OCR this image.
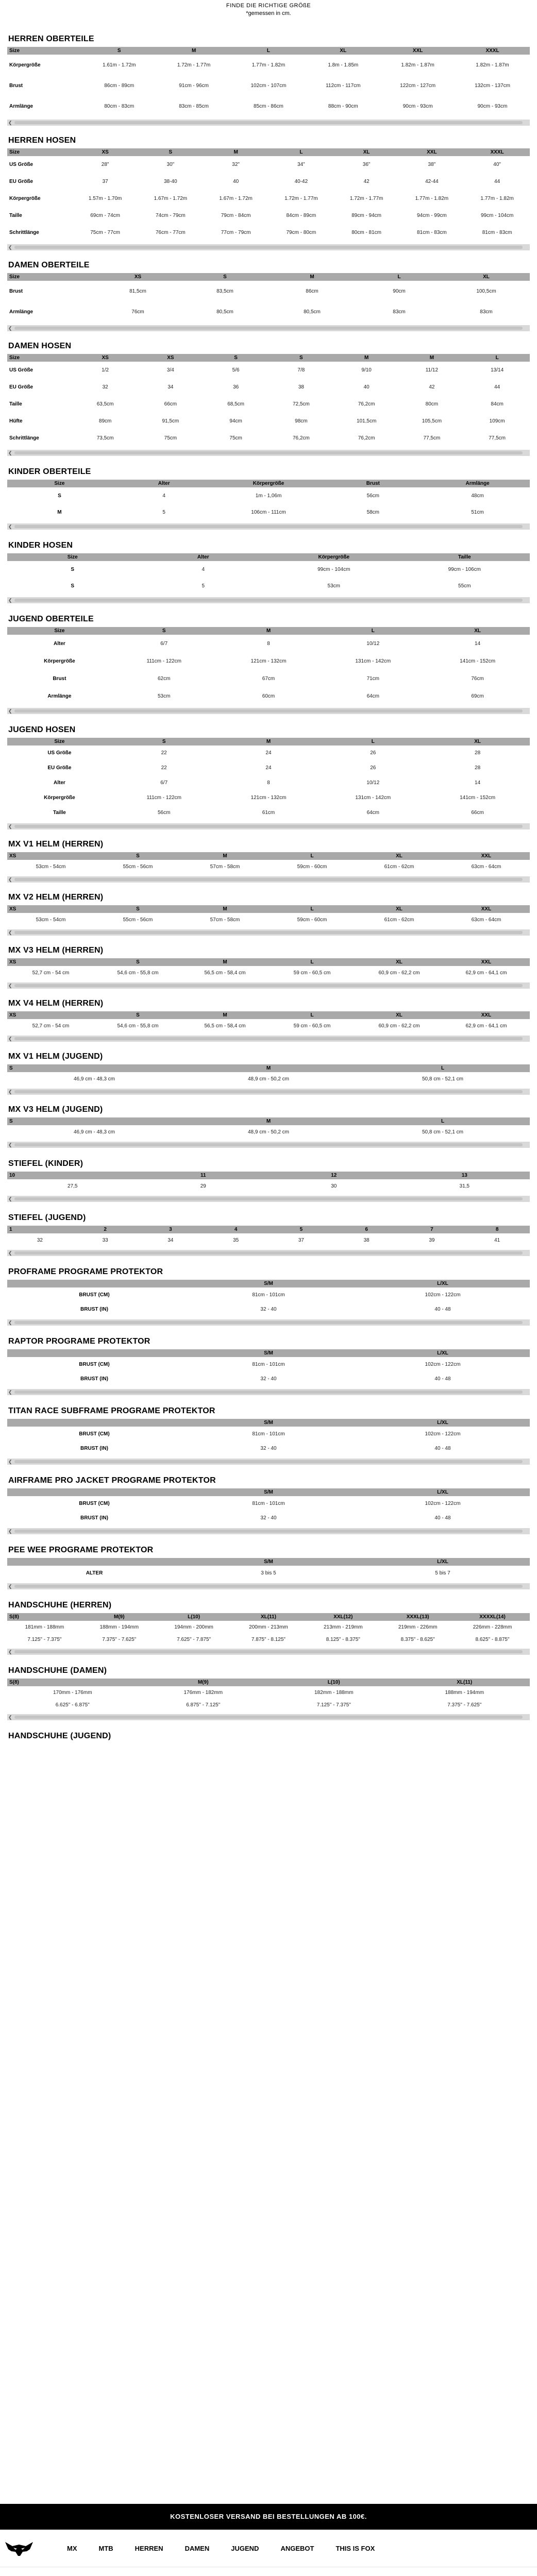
FINDE DIE RICHTIGE GRÖßE
*gemessen in cm.
HERREN OBERTEILE
Size	S	M	L	XL	XXL	XXXL
Körpergröße	1.61m - 1.72m	1.72m - 1.77m	1.77m - 1.82m	1.8m - 1.85m	1.82m - 1.87m	1.82m - 1.87m
Brust	86cm - 89cm	91cm - 96cm	102cm - 107cm	112cm - 117cm	122cm - 127cm	132cm - 137cm
Armlänge	80cm - 83cm	83cm - 85cm	85cm - 86cm	88cm - 90cm	90cm - 93cm	90cm - 93cm
❮
HERREN HOSEN
Size	XS	S	M	L	XL	XXL	XXXL
US Größe	28"	30"	32"	34"	36"	38"	40"
EU Größe	37	38-40	40	40-42	42	42-44	44
Körpergröße	1.57m - 1.70m	1.67m - 1.72m	1.67m - 1.72m	1.72m - 1.77m	1.72m - 1.77m	1.77m - 1.82m	1.77m - 1.82m
Taille	69cm - 74cm	74cm - 79cm	79cm - 84cm	84cm - 89cm	89cm - 94cm	94cm - 99cm	99cm - 104cm
Schrittlänge	75cm - 77cm	76cm - 77cm	77cm - 79cm	79cm - 80cm	80cm - 81cm	81cm - 83cm	81cm - 83cm
❮
DAMEN OBERTEILE
Size	XS	S	M	L	XL
Brust	81,5cm	83,5cm	86cm	90cm	100,5cm
Armlänge	76cm	80,5cm	80,5cm	83cm	83cm
❮
DAMEN HOSEN
Size	XS	XS	S	S	M	M	L
US Größe	1/2	3/4	5/6	7/8	9/10	11/12	13/14
EU Größe	32	34	36	38	40	42	44
Taille	63,5cm	66cm	68,5cm	72,5cm	76,2cm	80cm	84cm
Hüfte	89cm	91,5cm	94cm	98cm	101,5cm	105,5cm	109cm
Schrittlänge	73,5cm	75cm	75cm	76,2cm	76,2cm	77,5cm	77,5cm
❮
KINDER OBERTEILE
Size	Alter	Körpergröße	Brust	Armlänge
S	4	1m - 1,06m	56cm	48cm
M	5	106cm - 111cm	58cm	51cm
❮
KINDER HOSEN
Size	Alter	Körpergröße	Taille
S	4	99cm - 104cm	99cm - 106cm
S	5	53cm	55cm
❮
JUGEND OBERTEILE
Size	S	M	L	XL
Alter	6/7	8	10/12	14
Körpergröße	111cm - 122cm	121cm - 132cm	131cm - 142cm	141cm - 152cm
Brust	62cm	67cm	71cm	76cm
Armlänge	53cm	60cm	64cm	69cm
❮
JUGEND HOSEN
Size	S	M	L	XL
US Größe	22	24	26	28
EU Größe	22	24	26	28
Alter	6/7	8	10/12	14
Körpergröße	111cm - 122cm	121cm - 132cm	131cm - 142cm	141cm - 152cm
Taille	56cm	61cm	64cm	66cm
❮
MX V1 HELM (HERREN)
XS	S	M	L	XL	XXL
53cm - 54cm	55cm - 56cm	57cm - 58cm	59cm - 60cm	61cm - 62cm	63cm - 64cm
❮
MX V2 HELM (HERREN)
XS	S	M	L	XL	XXL
53cm - 54cm	55cm - 56cm	57cm - 58cm	59cm - 60cm	61cm - 62cm	63cm - 64cm
❮
MX V3 HELM (HERREN)
XS	S	M	L	XL	XXL
52,7 cm - 54 cm	54,6 cm - 55,8 cm	56,5 cm - 58,4 cm	59 cm - 60,5 cm	60,9 cm - 62,2 cm	62,9 cm - 64,1 cm
❮
MX V4 HELM (HERREN)
XS	S	M	L	XL	XXL
52,7 cm - 54 cm	54,6 cm - 55,8 cm	56,5 cm - 58,4 cm	59 cm - 60,5 cm	60,9 cm - 62,2 cm	62,9 cm - 64,1 cm
❮
MX V1 HELM (JUGEND)
S	M	L
46,9 cm - 48,3 cm	48,9 cm - 50,2 cm	50,8 cm - 52,1 cm
❮
MX V3 HELM (JUGEND)
S	M	L
46,9 cm - 48,3 cm	48,9 cm - 50,2 cm	50,8 cm - 52,1 cm
❮
STIEFEL (KINDER)
10	11	12	13
27,5	29	30	31,5
❮
STIEFEL (JUGEND)
1	2	3	4	5	6	7	8
32	33	34	35	37	38	39	41
❮
PROFRAME PROGRAME PROTEKTOR
	S/M	L/XL
BRUST (CM)	81cm - 101cm	102cm - 122cm
BRUST (IN)	32 - 40	40 - 48
❮
RAPTOR PROGRAME PROTEKTOR
	S/M	L/XL
BRUST (CM)	81cm - 101cm	102cm - 122cm
BRUST (IN)	32 - 40	40 - 48
❮
TITAN RACE SUBFRAME PROGRAME PROTEKTOR
	S/M	L/XL
BRUST (CM)	81cm - 101cm	102cm - 122cm
BRUST (IN)	32 - 40	40 - 48
❮
AIRFRAME PRO JACKET PROGRAME PROTEKTOR
	S/M	L/XL
BRUST (CM)	81cm - 101cm	102cm - 122cm
BRUST (IN)	32 - 40	40 - 48
❮
PEE WEE PROGRAME PROTEKTOR
	S/M	L/XL
ALTER	3 bis 5	5 bis 7
❮
HANDSCHUHE (HERREN)
S(8)	M(9)	L(10)	XL(11)	XXL(12)	XXXL(13)	XXXXL(14)
181mm - 188mm	188mm - 194mm	194mm - 200mm	200mm - 213mm	213mm - 219mm	219mm - 226mm	226mm - 228mm
7.125" - 7.375"	7.375" - 7.625"	7.625" - 7.875"	7.875" - 8.125"	8.125" - 8.375"	8.375" - 8.625"	8.625" - 8.875"
❮
HANDSCHUHE (DAMEN)
S(8)	M(9)	L(10)	XL(11)
170mm - 176mm	176mm - 182mm	182mm - 188mm	188mm - 194mm
6.625" - 6.875"	6.875" - 7.125"	7.125" - 7.375"	7.375" - 7.625"
❮
HANDSCHUHE (JUGEND)
KOSTENLOSER VERSAND BEI BESTELLUNGEN AB 100€.
MX	MTB	HERREN	DAMEN	JUGEND	ANGEBOT	THIS IS FOX
